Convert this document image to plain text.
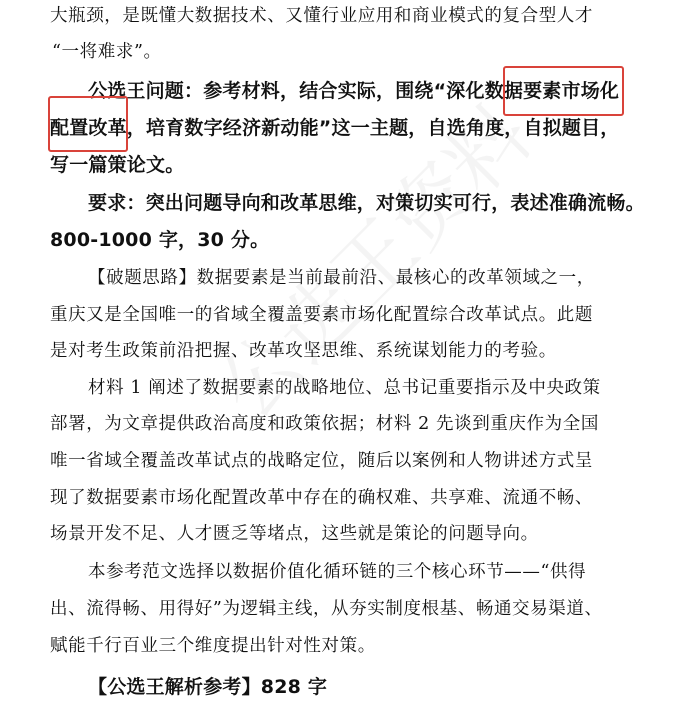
大瓶颈，是既懂大数据技术、又懂行业应用和商业模式的复合型人才

“一将难求”。

公选王问题：参考材料，结合实际，围绕“深化数据要素市场化

配置改革，培育数字经济新动能”这一主题，自选角度，自拟题目，

写一篇策论文。

要求：突出问题导向和改革思维，对策切实可行，表述准确流畅。

800-1000 字，30 分。

【破题思路】数据要素是当前最前沿、最核心的改革领域之一，

重庆又是全国唯一的省域全覆盖要素市场化配置综合改革试点。此题

是对考生政策前沿把握、改革攻坚思维、系统谋划能力的考验。

材料 1 阐述了数据要素的战略地位、总书记重要指示及中央政策

部署，为文章提供政治高度和政策依据；材料 2 先谈到重庆作为全国

唯一省域全覆盖改革试点的战略定位，随后以案例和人物讲述方式呈

现了数据要素市场化配置改革中存在的确权难、共享难、流通不畅、

场景开发不足、人才匮乏等堵点，这些就是策论的问题导向。

本参考范文选择以数据价值化循环链的三个核心环节——“供得

出、流得畅、用得好”为逻辑主线，从夯实制度根基、畅通交易渠道、

赋能千行百业三个维度提出针对性对策。

【公选王解析参考】828 字
